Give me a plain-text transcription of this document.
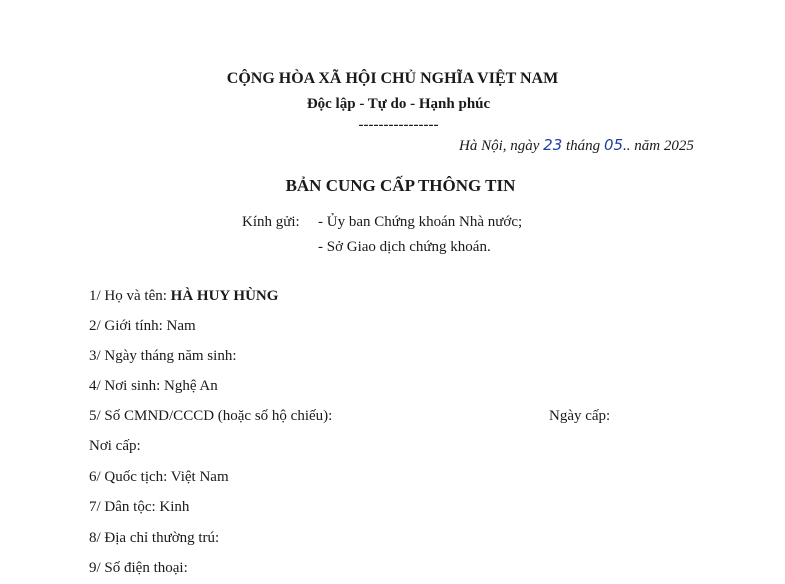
CỘNG HÒA XÃ HỘI CHỦ NGHĨA VIỆT NAM
Độc lập - Tự do - Hạnh phúc
----------------
Hà Nội, ngày 23 tháng 05.. năm 2025
BẢN CUNG CẤP THÔNG TIN
Kính gửi: - Ủy ban Chứng khoán Nhà nước;
- Sở Giao dịch chứng khoán.
1/ Họ và tên: HÀ HUY HÙNG
2/ Giới tính: Nam
3/ Ngày tháng năm sinh:
4/ Nơi sinh: Nghệ An
5/ Số CMND/CCCD (hoặc số hộ chiếu):	Ngày cấp:
Nơi cấp:
6/ Quốc tịch: Việt Nam
7/ Dân tộc: Kinh
8/ Địa chỉ thường trú:
9/ Số điện thoại:
